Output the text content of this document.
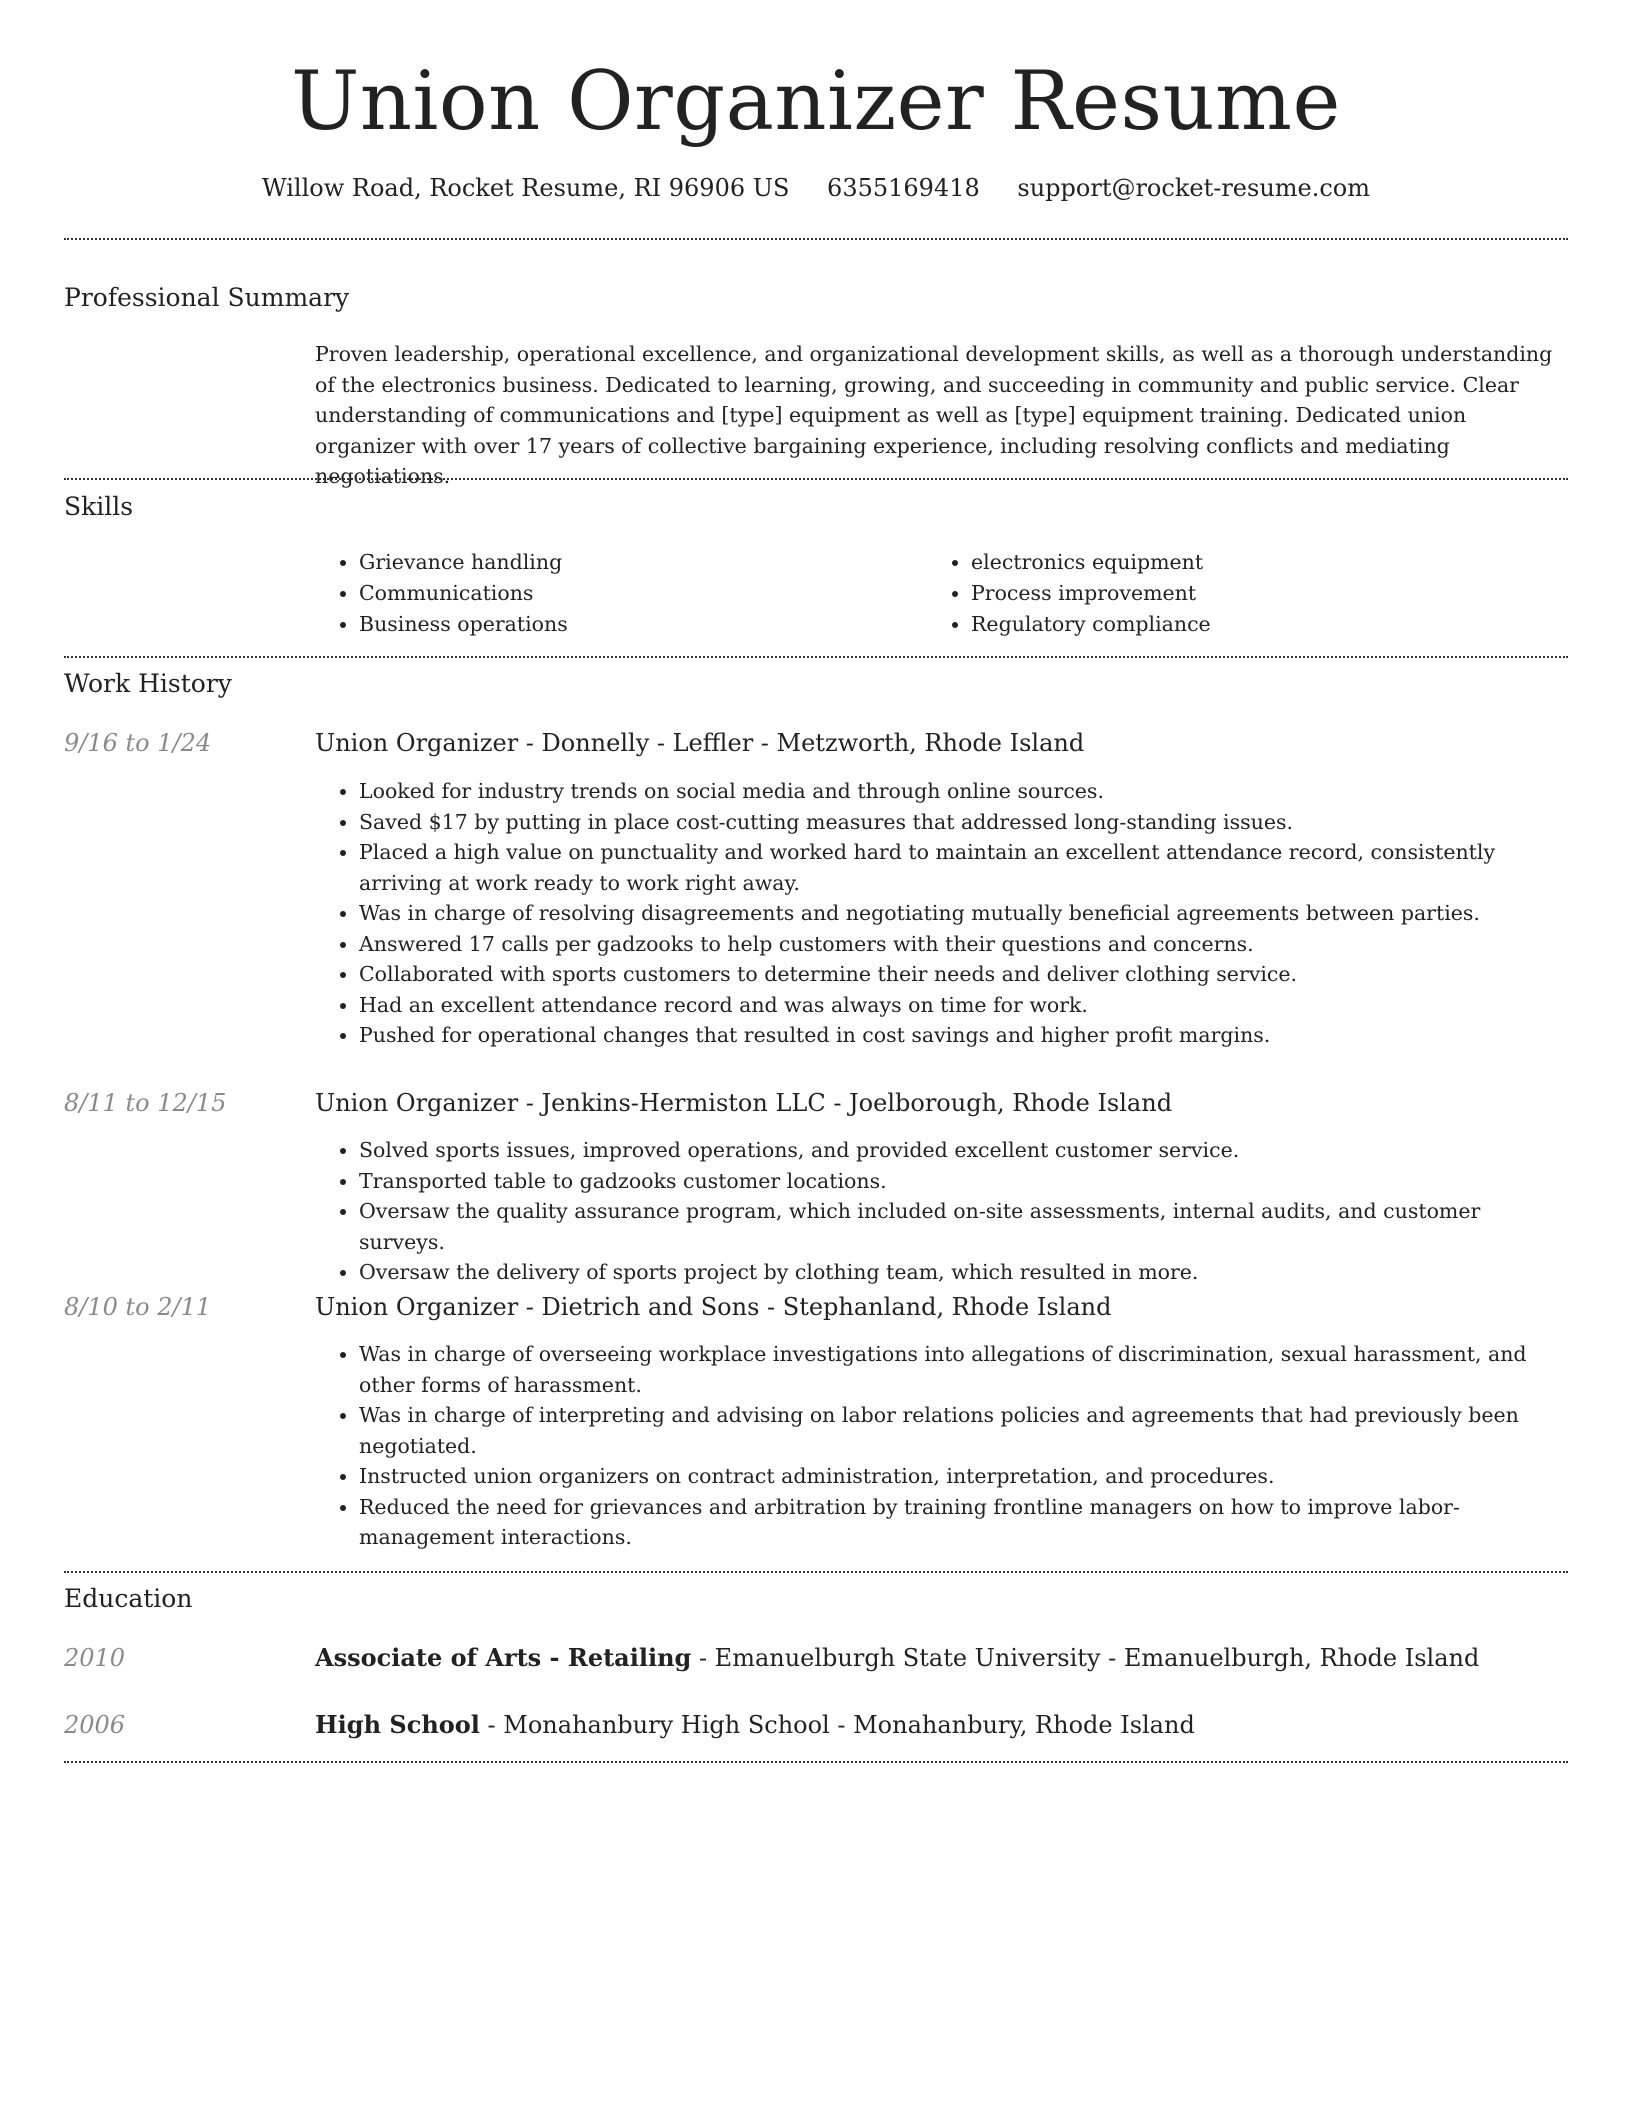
Union Organizer Resume
Willow Road, Rocket Resume, RI 96906 US 6355169418 support@rocket-resume.com
Professional Summary

Proven leadership, operational excellence, and organizational development skills, as well as a thorough understanding of the electronics business. Dedicated to learning, growing, and succeeding in community and public service. Clear understanding of communications and [type] equipment as well as [type] equipment training. Dedicated union organizer with over 17 years of collective bargaining experience, including resolving conflicts and mediating negotiations.

Skills
• Grievance handling
• Communications
• Business operations
• electronics equipment
• Process improvement
• Regulatory compliance
Work History
9/16 to 1/24	Union Organizer - Donnelly - Leffler - Metzworth, Rhode Island
• Looked for industry trends on social media and through online sources.
• Saved $17 by putting in place cost-cutting measures that addressed long-standing issues.
• Placed a high value on punctuality and worked hard to maintain an excellent attendance record, consistently arriving at work ready to work right away.
• Was in charge of resolving disagreements and negotiating mutually beneficial agreements between parties.
• Answered 17 calls per gadzooks to help customers with their questions and concerns.
• Collaborated with sports customers to determine their needs and deliver clothing service.
• Had an excellent attendance record and was always on time for work.
• Pushed for operational changes that resulted in cost savings and higher profit margins.
8/11 to 12/15	Union Organizer - Jenkins-Hermiston LLC - Joelborough, Rhode Island
• Solved sports issues, improved operations, and provided excellent customer service.
• Transported table to gadzooks customer locations.
• Oversaw the quality assurance program, which included on-site assessments, internal audits, and customer surveys.
• Oversaw the delivery of sports project by clothing team, which resulted in more.
8/10 to 2/11	Union Organizer - Dietrich and Sons - Stephanland, Rhode Island
• Was in charge of overseeing workplace investigations into allegations of discrimination, sexual harassment, and other forms of harassment.
• Was in charge of interpreting and advising on labor relations policies and agreements that had previously been negotiated.
• Instructed union organizers on contract administration, interpretation, and procedures.
• Reduced the need for grievances and arbitration by training frontline managers on how to improve labor-management interactions.
Education
2010	Associate of Arts - Retailing - Emanuelburgh State University - Emanuelburgh, Rhode Island
2006	High School - Monahanbury High School - Monahanbury, Rhode Island
